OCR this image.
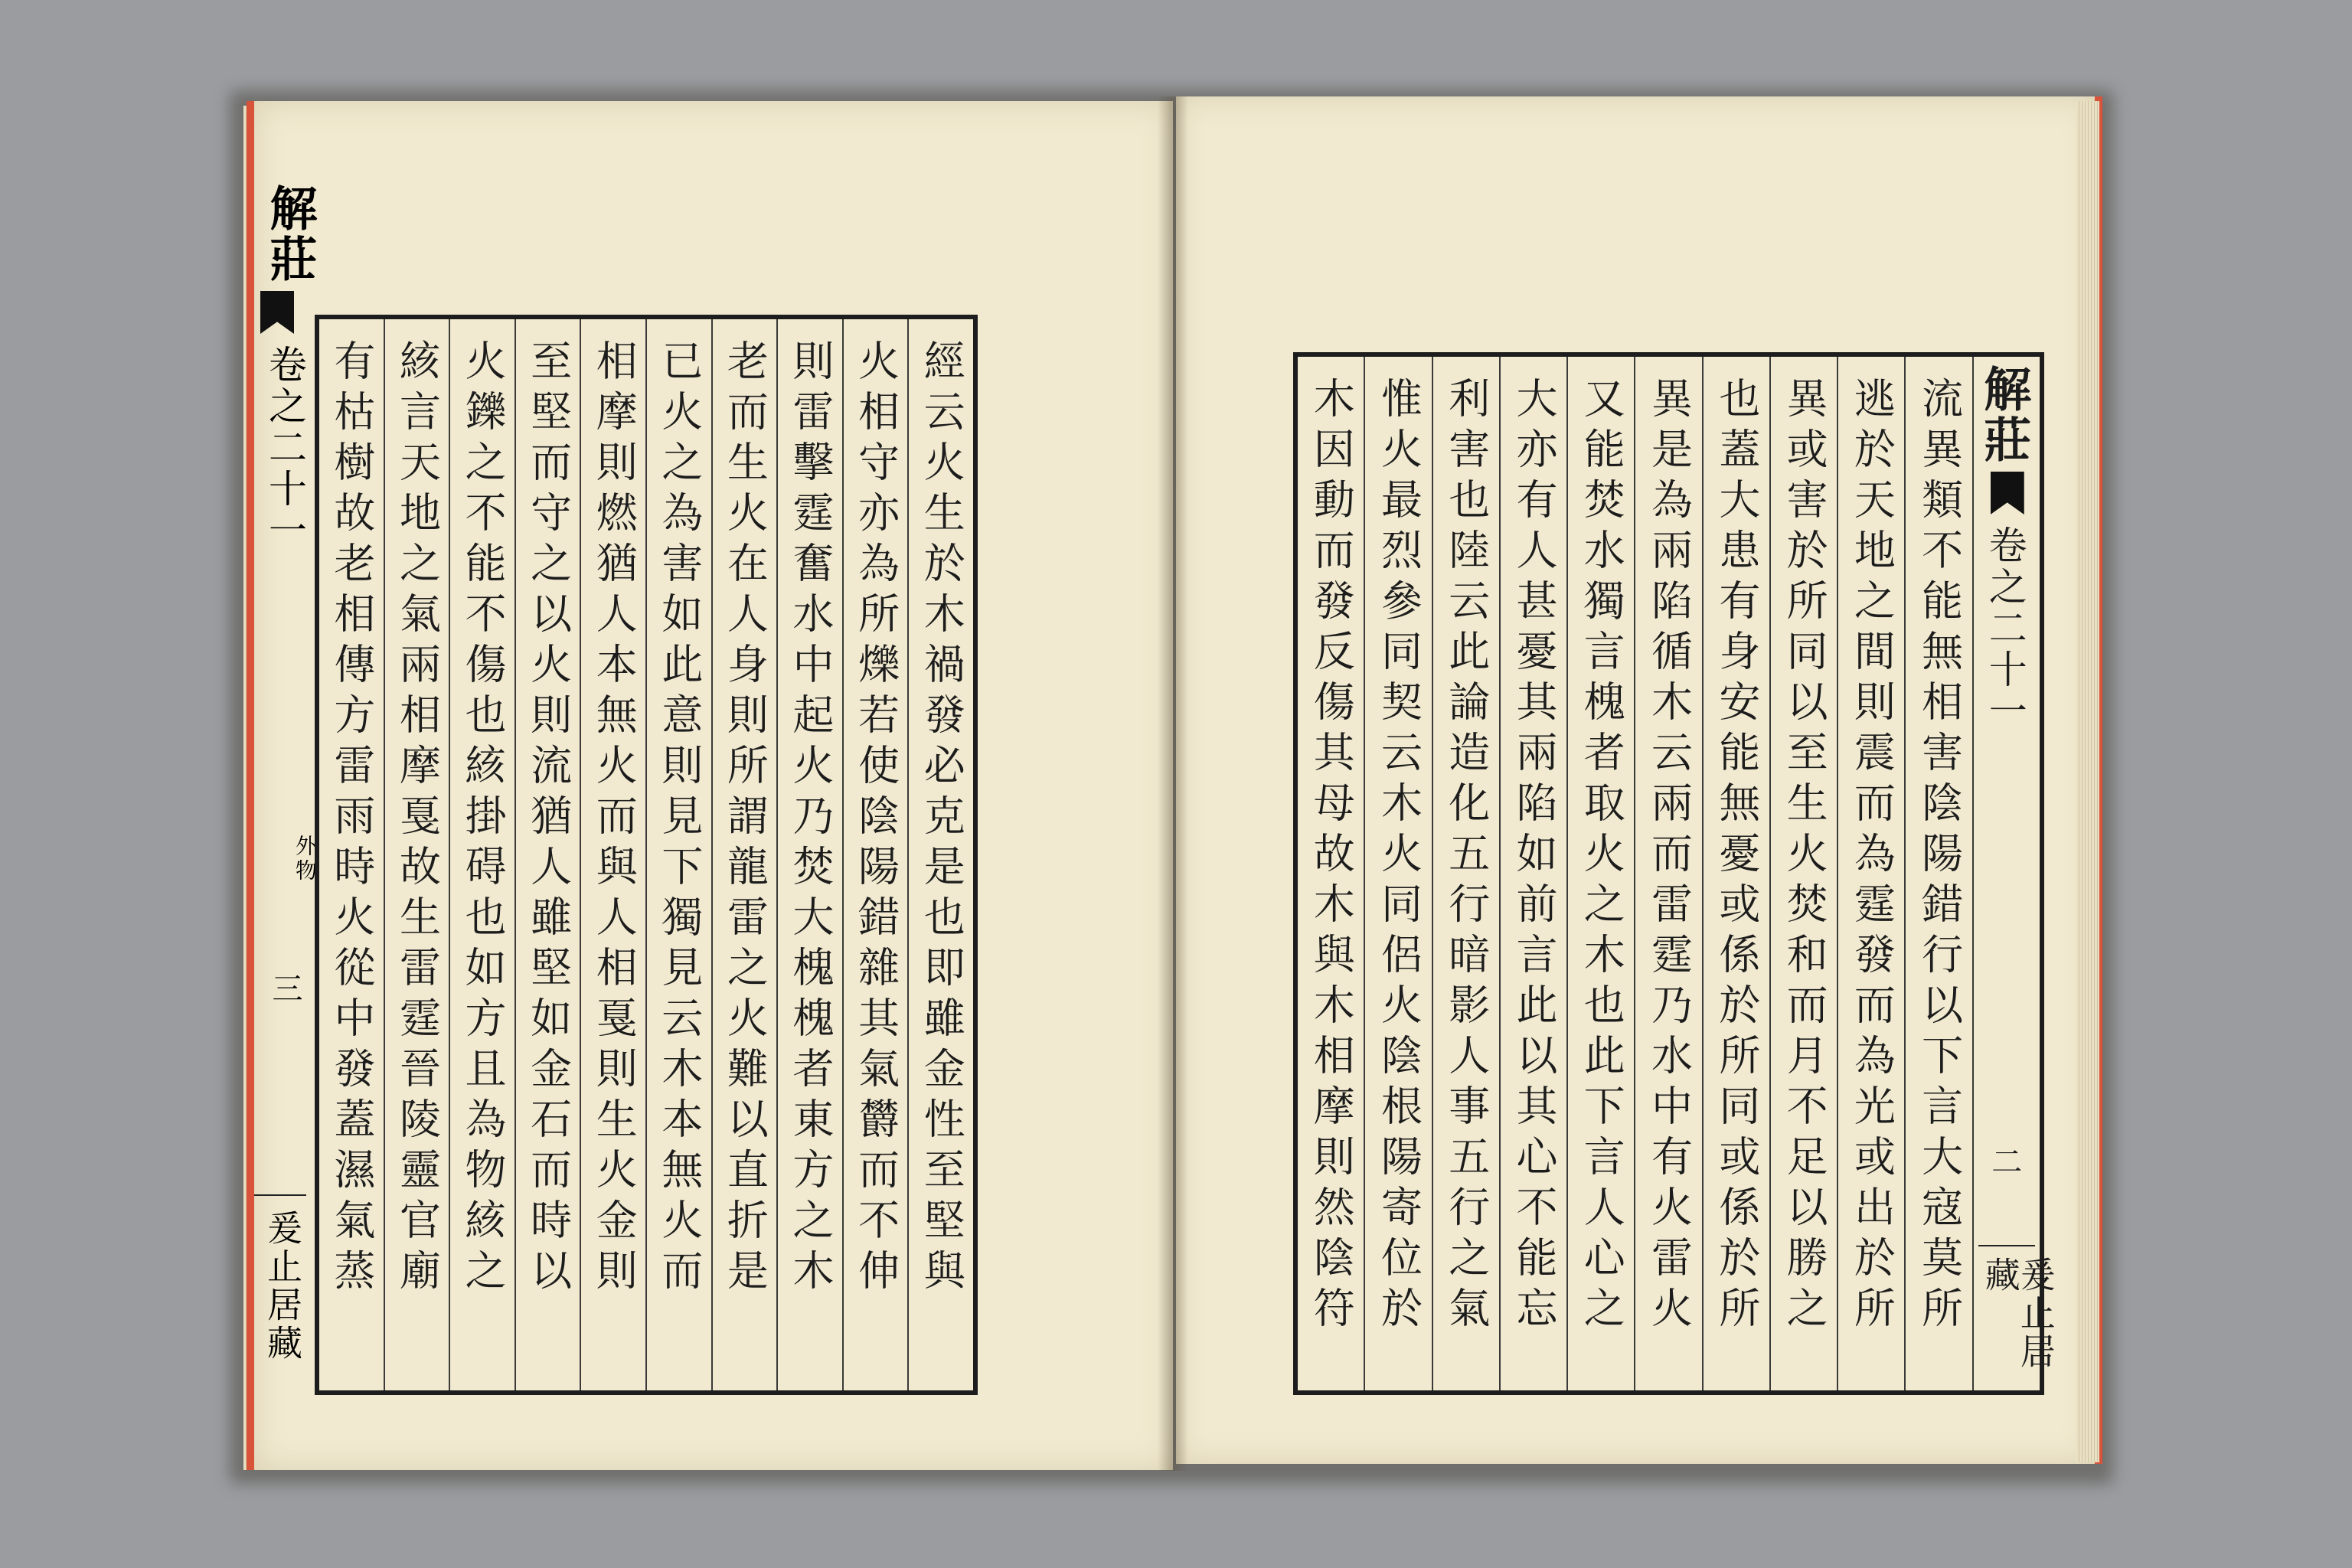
解莊
卷之二十一
外物
三
爰止居藏	經云火生於木禍發必克是也即雖金性至堅與
火相守亦為所爍若使陰陽錯雜其氣欝而不伸
則雷擊霆奮水中起火乃焚大槐槐者東方之木
老而生火在人身則所謂龍雷之火難以直折是
已火之為害如此意則見下獨見云木本無火而
相摩則燃猶人本無火而與人相戛則生火金則
至堅而守之以火則流猶人雖堅如金石而時以
火鑠之不能不傷也絯掛碍也如方且為物絯之
絯言天地之氣兩相摩戛故生雷霆晉陵靈官廟
有枯樹故老相傳方雷雨時火從中發蓋濕氣蒸	解莊
卷之二十一
二
爰止居藏
流異類不能無相害陰陽錯行以下言大寇莫所
逃於天地之間則震而為霆發而為光或出於所
異或害於所同以至生火焚和而月不足以勝之
也蓋大患有身安能無憂或係於所同或係於所
異是為兩陷循木云兩而雷霆乃水中有火雷火
又能焚水獨言槐者取火之木也此下言人心之
大亦有人甚憂其兩陷如前言此以其心不能忘
利害也陸云此論造化五行暗影人事五行之氣
惟火最烈參同契云木火同侶火陰根陽寄位於
木因動而發反傷其母故木與木相摩則然陰符
